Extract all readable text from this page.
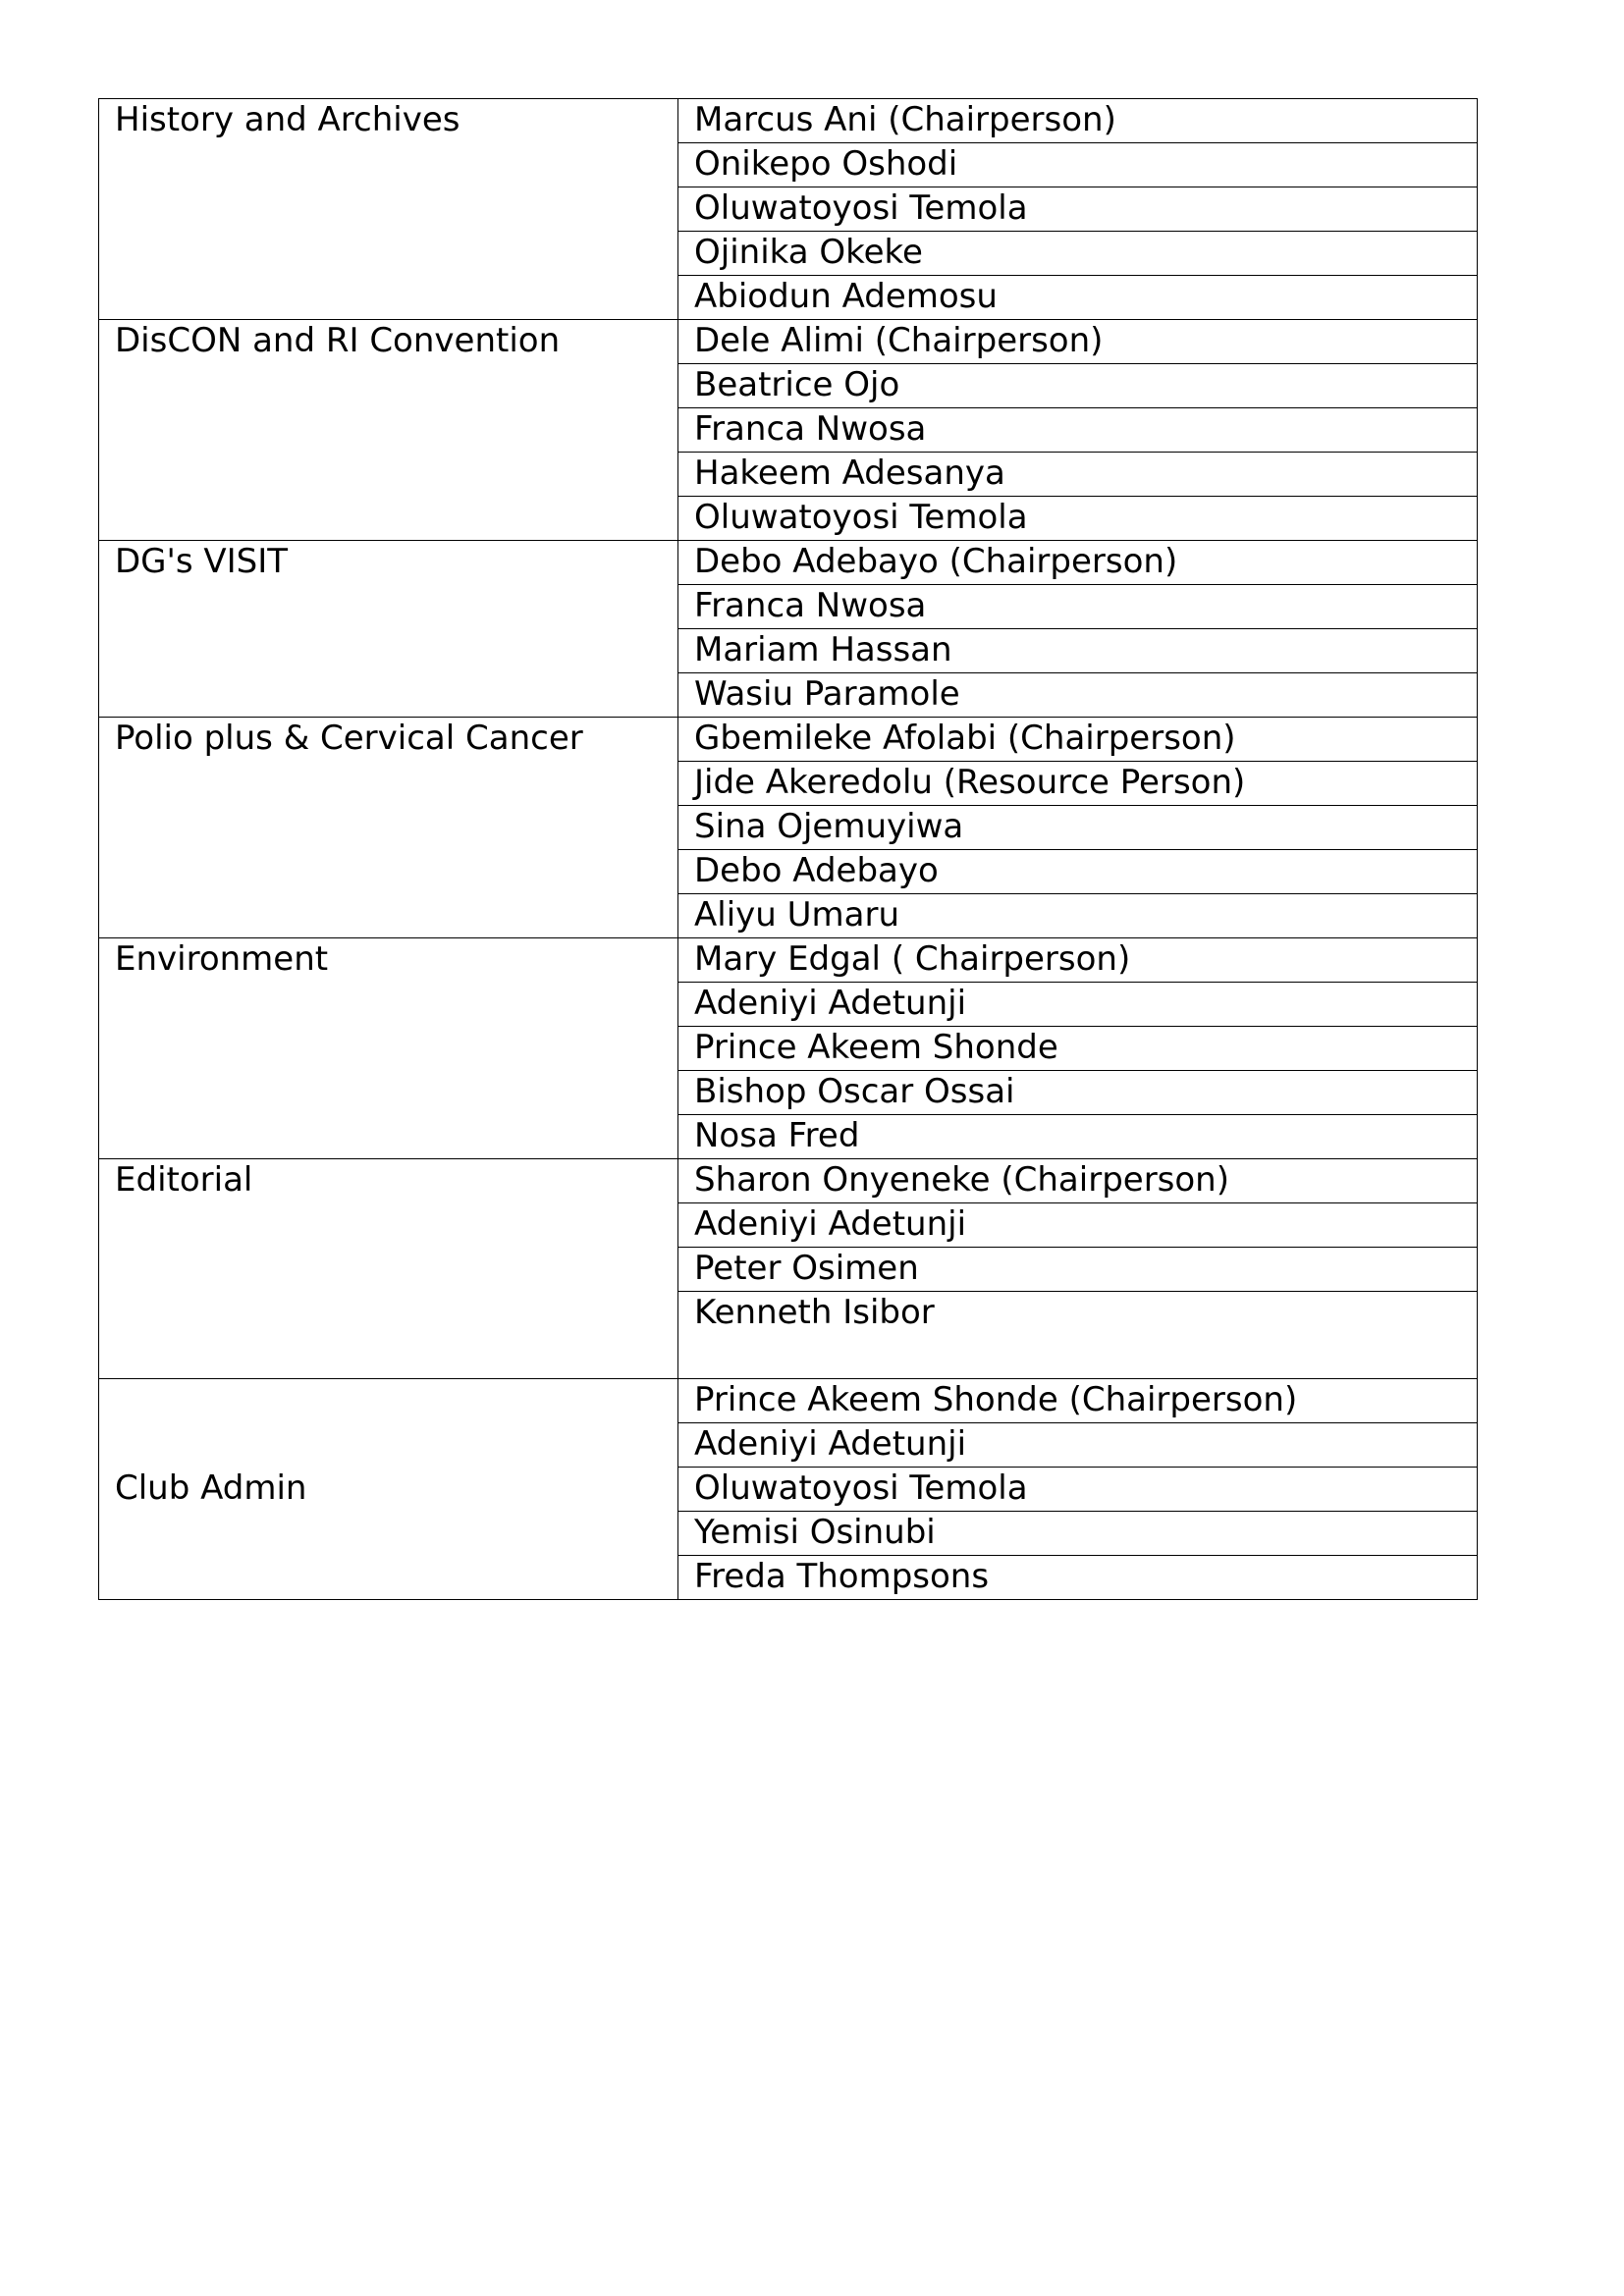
History and Archives	Marcus Ani (Chairperson)
	Onikepo Oshodi
	Oluwatoyosi Temola
	Ojinika Okeke
	Abiodun Ademosu
DisCON and RI Convention	Dele Alimi (Chairperson)
	Beatrice Ojo
	Franca Nwosa
	Hakeem Adesanya
	Oluwatoyosi Temola
DG's VISIT	Debo Adebayo (Chairperson)
	Franca Nwosa
	Mariam Hassan
	Wasiu Paramole
Polio plus & Cervical Cancer	Gbemileke Afolabi (Chairperson)
	Jide Akeredolu (Resource Person)
	Sina Ojemuyiwa
	Debo Adebayo
	Aliyu Umaru
Environment	Mary Edgal ( Chairperson)
	Adeniyi Adetunji
	Prince Akeem Shonde
	Bishop Oscar Ossai
	Nosa Fred
Editorial	Sharon Onyeneke (Chairperson)
	Adeniyi Adetunji
	Peter Osimen
	Kenneth Isibor
Club Admin	Prince Akeem Shonde (Chairperson)
	Adeniyi Adetunji
	Oluwatoyosi Temola
	Yemisi Osinubi
	Freda Thompsons
